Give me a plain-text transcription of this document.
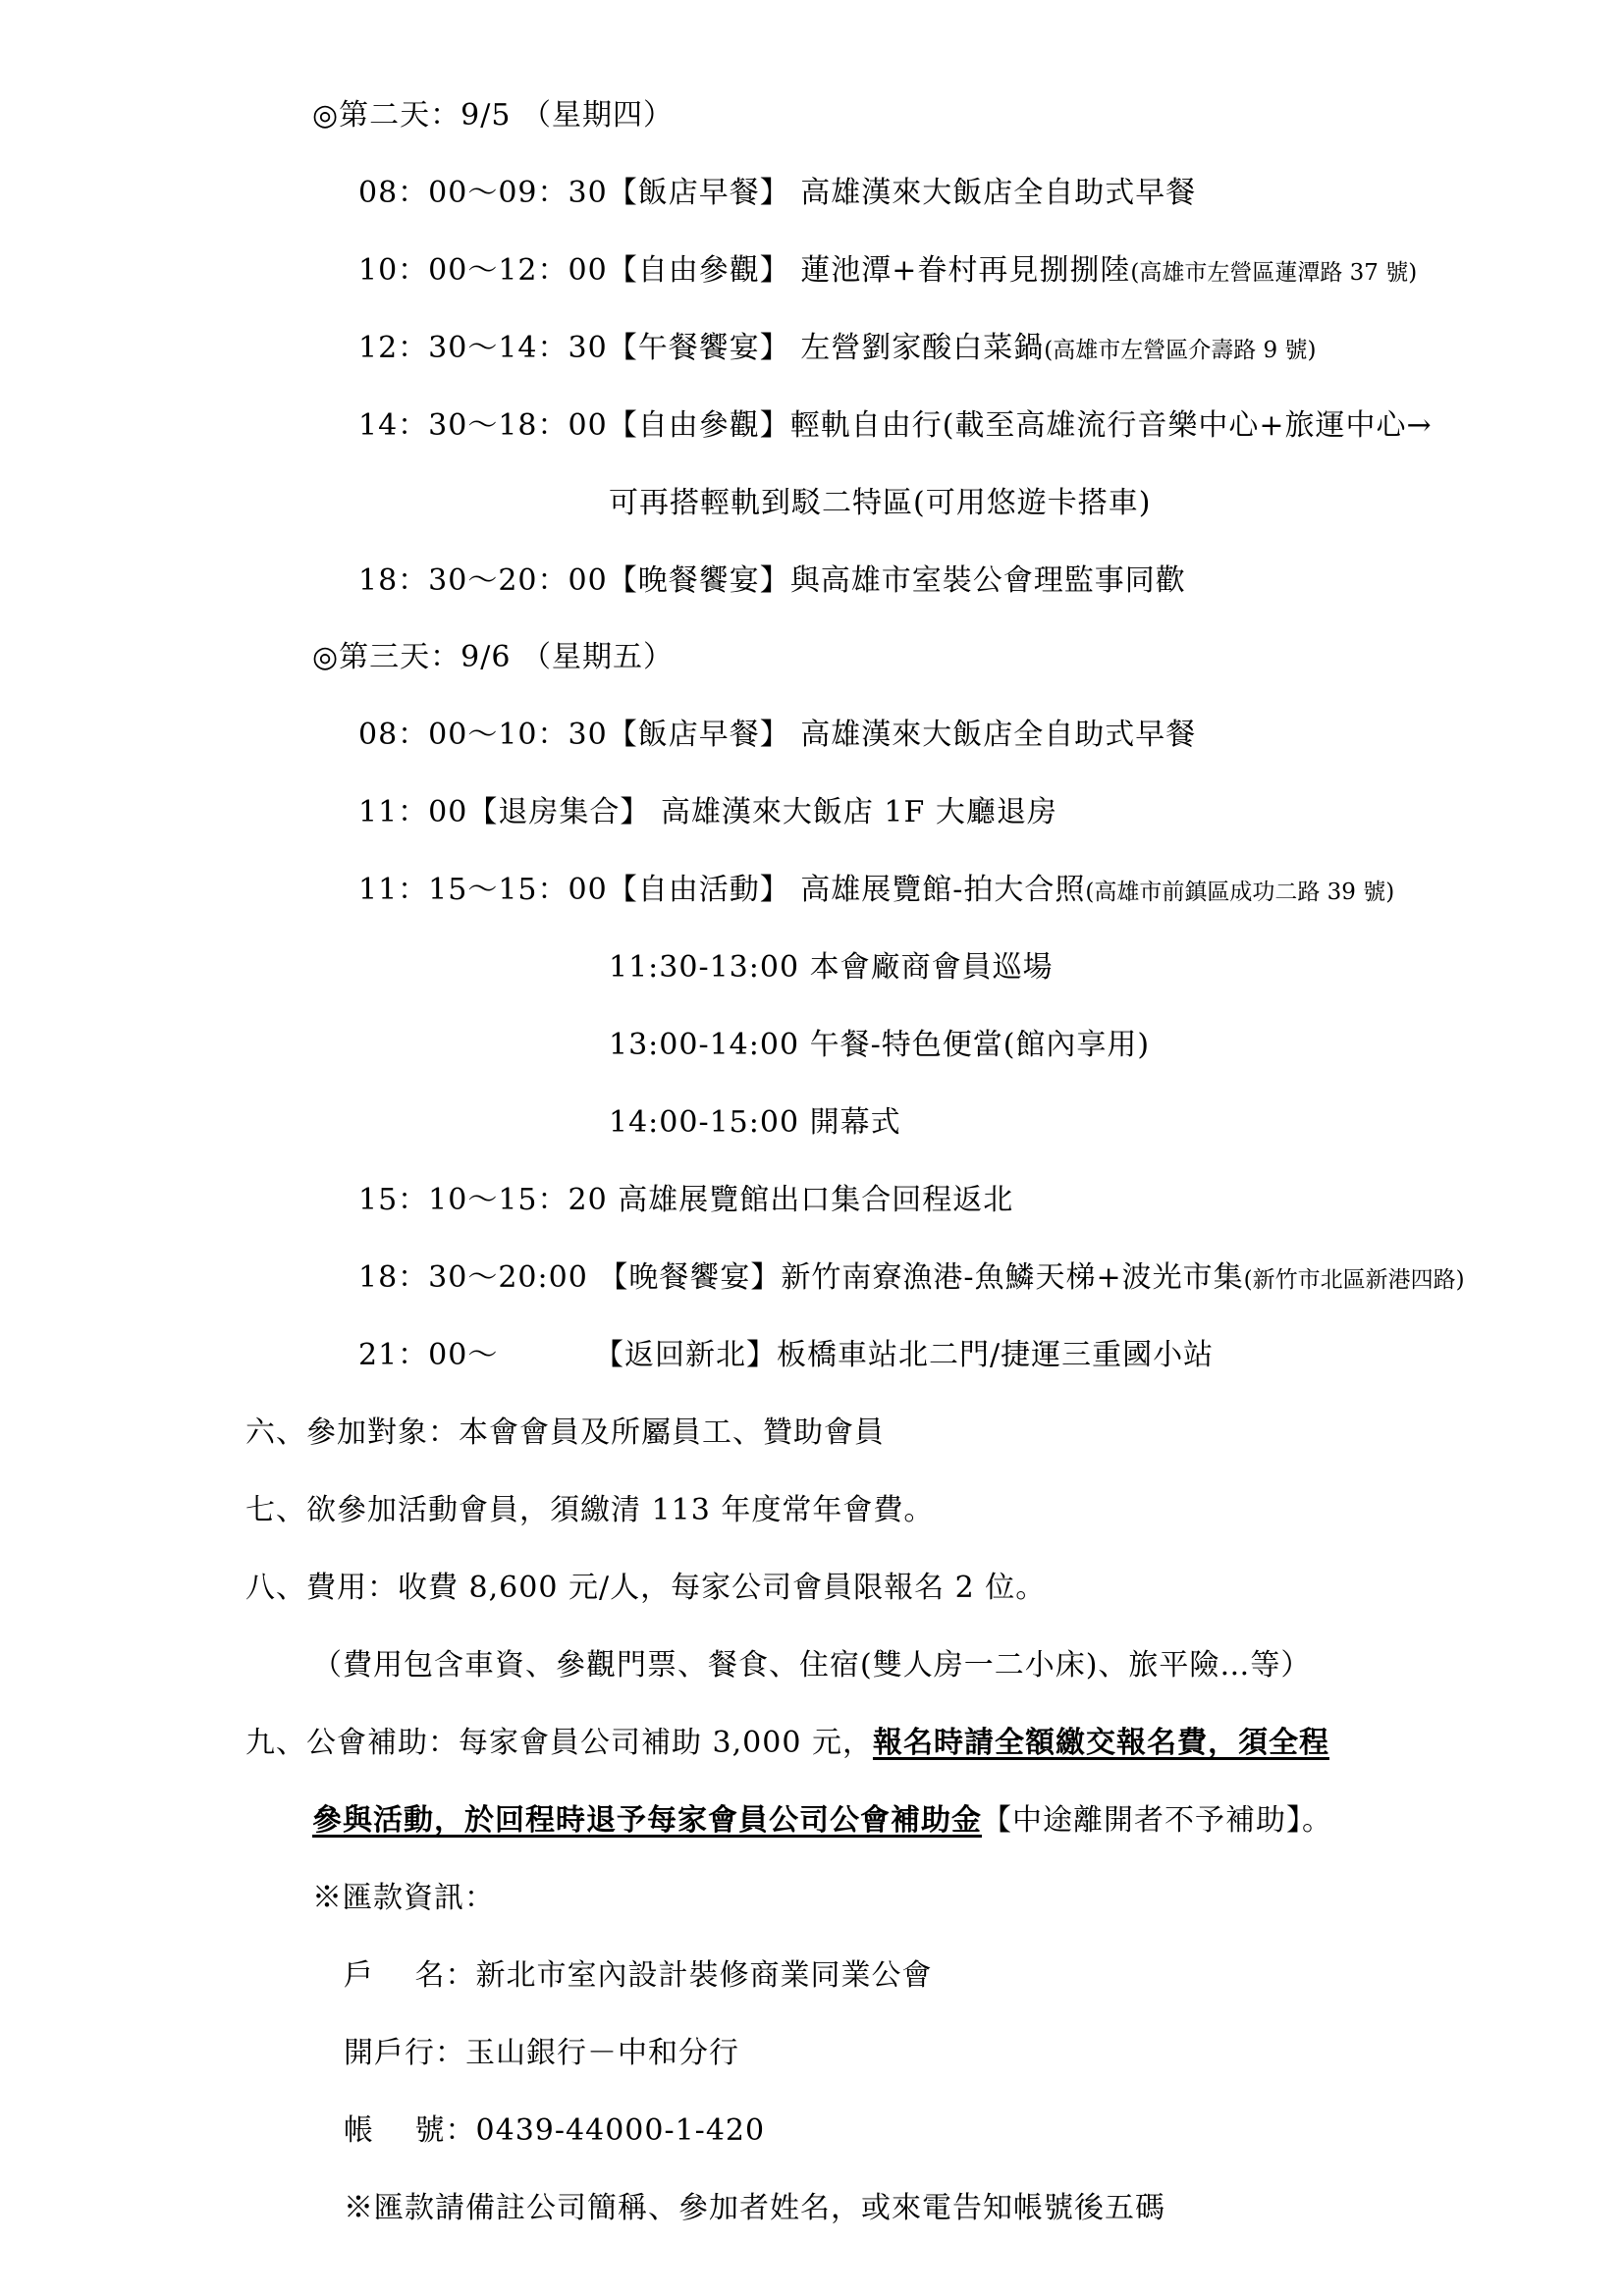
◎第二天：9/5 （星期四）
08：00～09：30【飯店早餐】 高雄漢來大飯店全自助式早餐
10：00～12：00【自由參觀】 蓮池潭+眷村再見捌捌陸(高雄市左營區蓮潭路 37 號)
12：30～14：30【午餐饗宴】 左營劉家酸白菜鍋(高雄市左營區介壽路 9 號)
14：30～18：00【自由參觀】輕軌自由行(載至高雄流行音樂中心+旅運中心→
可再搭輕軌到駁二特區(可用悠遊卡搭車)
18：30～20：00【晚餐饗宴】與高雄市室裝公會理監事同歡
◎第三天：9/6 （星期五）
08：00～10：30【飯店早餐】 高雄漢來大飯店全自助式早餐
11：00【退房集合】 高雄漢來大飯店 1F 大廳退房
11：15～15：00【自由活動】 高雄展覽館-拍大合照(高雄市前鎮區成功二路 39 號)
11:30-13:00 本會廠商會員巡場
13:00-14:00 午餐-特色便當(館內享用)
14:00-15:00 開幕式
15：10～15：20 高雄展覽館出口集合回程返北
18：30～20:00 【晚餐饗宴】新竹南寮漁港-魚鱗天梯+波光市集(新竹市北區新港四路)
21：00～	【返回新北】板橋車站北二門/捷運三重國小站
六、參加對象：本會會員及所屬員工、贊助會員
七、欲參加活動會員，須繳清 113 年度常年會費。
八、費用：收費 8,600 元/人，每家公司會員限報名 2 位。
（費用包含車資、參觀門票、餐食、住宿(雙人房一二小床)、旅平險…等）
九、公會補助：每家會員公司補助 3,000 元，報名時請全額繳交報名費，須全程
參與活動，於回程時退予每家會員公司公會補助金【中途離開者不予補助】。
※匯款資訊：
戶　 名：新北市室內設計裝修商業同業公會
開戶行：玉山銀行－中和分行
帳　 號：0439-44000-1-420
※匯款請備註公司簡稱、參加者姓名，或來電告知帳號後五碼
